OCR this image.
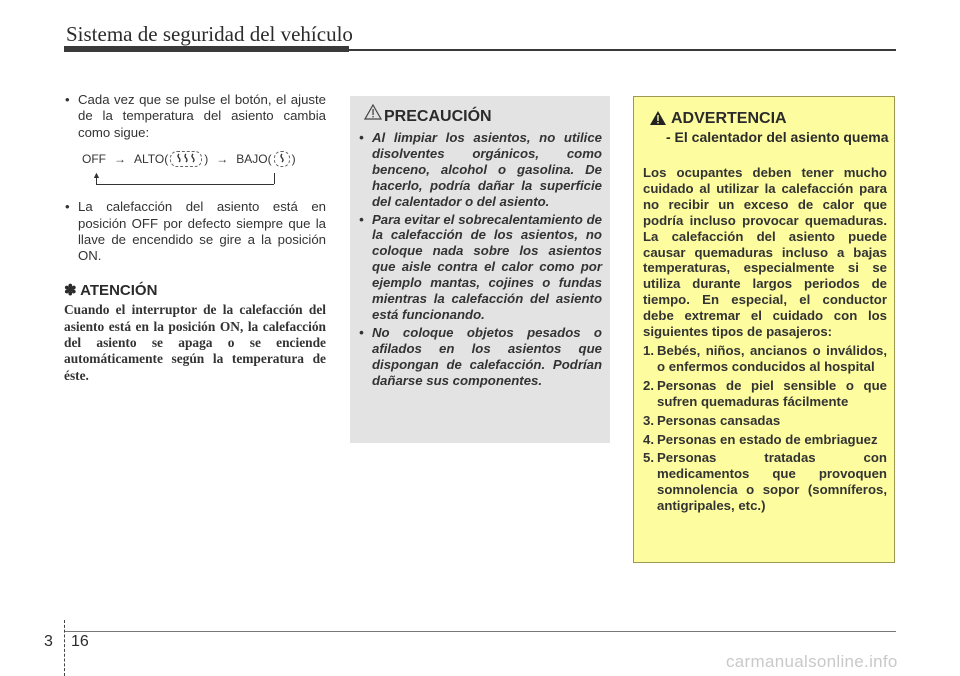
Sistema de seguridad del vehículo
• Cada vez que se pulse el botón, el ajuste de la temperatura del asiento cambia como sigue:
OFF → ALTO(	) → BAJO( )
▲
• La calefacción del asiento está en posición OFF por defecto siempre que la llave de encendido se gire a la posición ON.
✽ ATENCIÓN
Cuando el interruptor de la calefacción del asiento está en la posición ON, la calefacción del asiento se apaga o se enciende automáticamente según la temperatura de éste.
PRECAUCIÓN
• Al limpiar los asientos, no utilice disolventes orgánicos, como benceno, alcohol o gasolina. De hacerlo, podría dañar la superficie del calentador o del asiento.
• Para evitar el sobrecalentamiento de la calefacción de los asientos, no coloque nada sobre los asientos que aisle contra el calor como por ejemplo mantas, cojines o fundas mientras la calefacción del asiento está funcionando.
• No coloque objetos pesados o afilados en los asientos que dispongan de calefacción. Podrían dañarse sus componentes.
ADVERTENCIA
- El calentador del asiento quema
Los ocupantes deben tener mucho cuidado al utilizar la calefacción para no recibir un exceso de calor que podría incluso provocar quemaduras. La calefacción del asiento puede causar quemaduras incluso a bajas temperaturas, especialmente si se utiliza durante largos periodos de tiempo. En especial, el conductor debe extremar el cuidado con los siguientes tipos de pasajeros:
1. Bebés, niños, ancianos o inválidos, o enfermos conducidos al hospital
2. Personas de piel sensible o que sufren quemaduras fácilmente
3. Personas cansadas
4. Personas en estado de embriaguez
5. Personas tratadas con medicamentos que provoquen somnolencia o sopor (somníferos, antigripales, etc.)
3 16
carmanualsonline.info
